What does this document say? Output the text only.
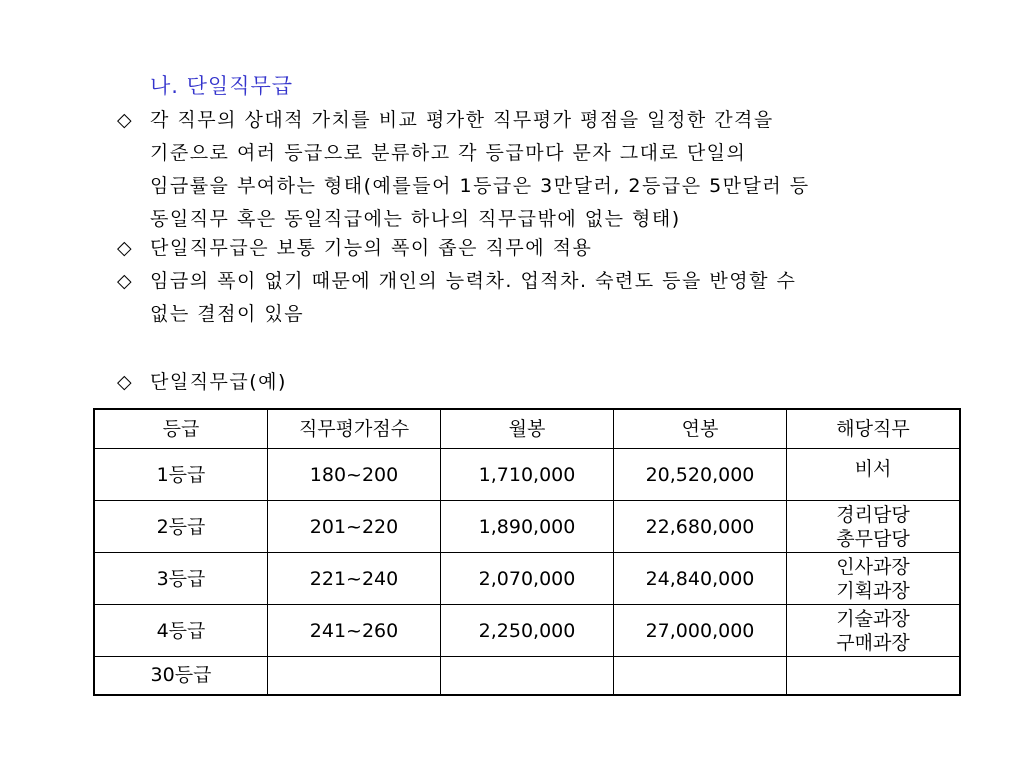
나. 단일직무급
◇ 각 직무의 상대적 가치를 비교 평가한 직무평가 평점을 일정한 간격을
기준으로 여러 등급으로 분류하고 각 등급마다 문자 그대로 단일의
임금률을 부여하는 형태(예를들어 1등급은 3만달러, 2등급은 5만달러 등
동일직무 혹은 동일직급에는 하나의 직무급밖에 없는 형태)
◇ 단일직무급은 보통 기능의 폭이 좁은 직무에 적용
◇ 임금의 폭이 없기 때문에 개인의 능력차. 업적차. 숙련도 등을 반영할 수
없는 결점이 있음
◇ 단일직무급(예)
등급	직무평가점수	월봉	연봉	해당직무
1등급	180~200	1,710,000	20,520,000	비서

2등급	201~220	1,890,000	22,680,000	경리담당
총무담당

3등급	221~240	2,070,000	24,840,000	인사과장
기획과장

4등급	241~260	2,250,000	27,000,000	기술과장
구매과장

30등급				
